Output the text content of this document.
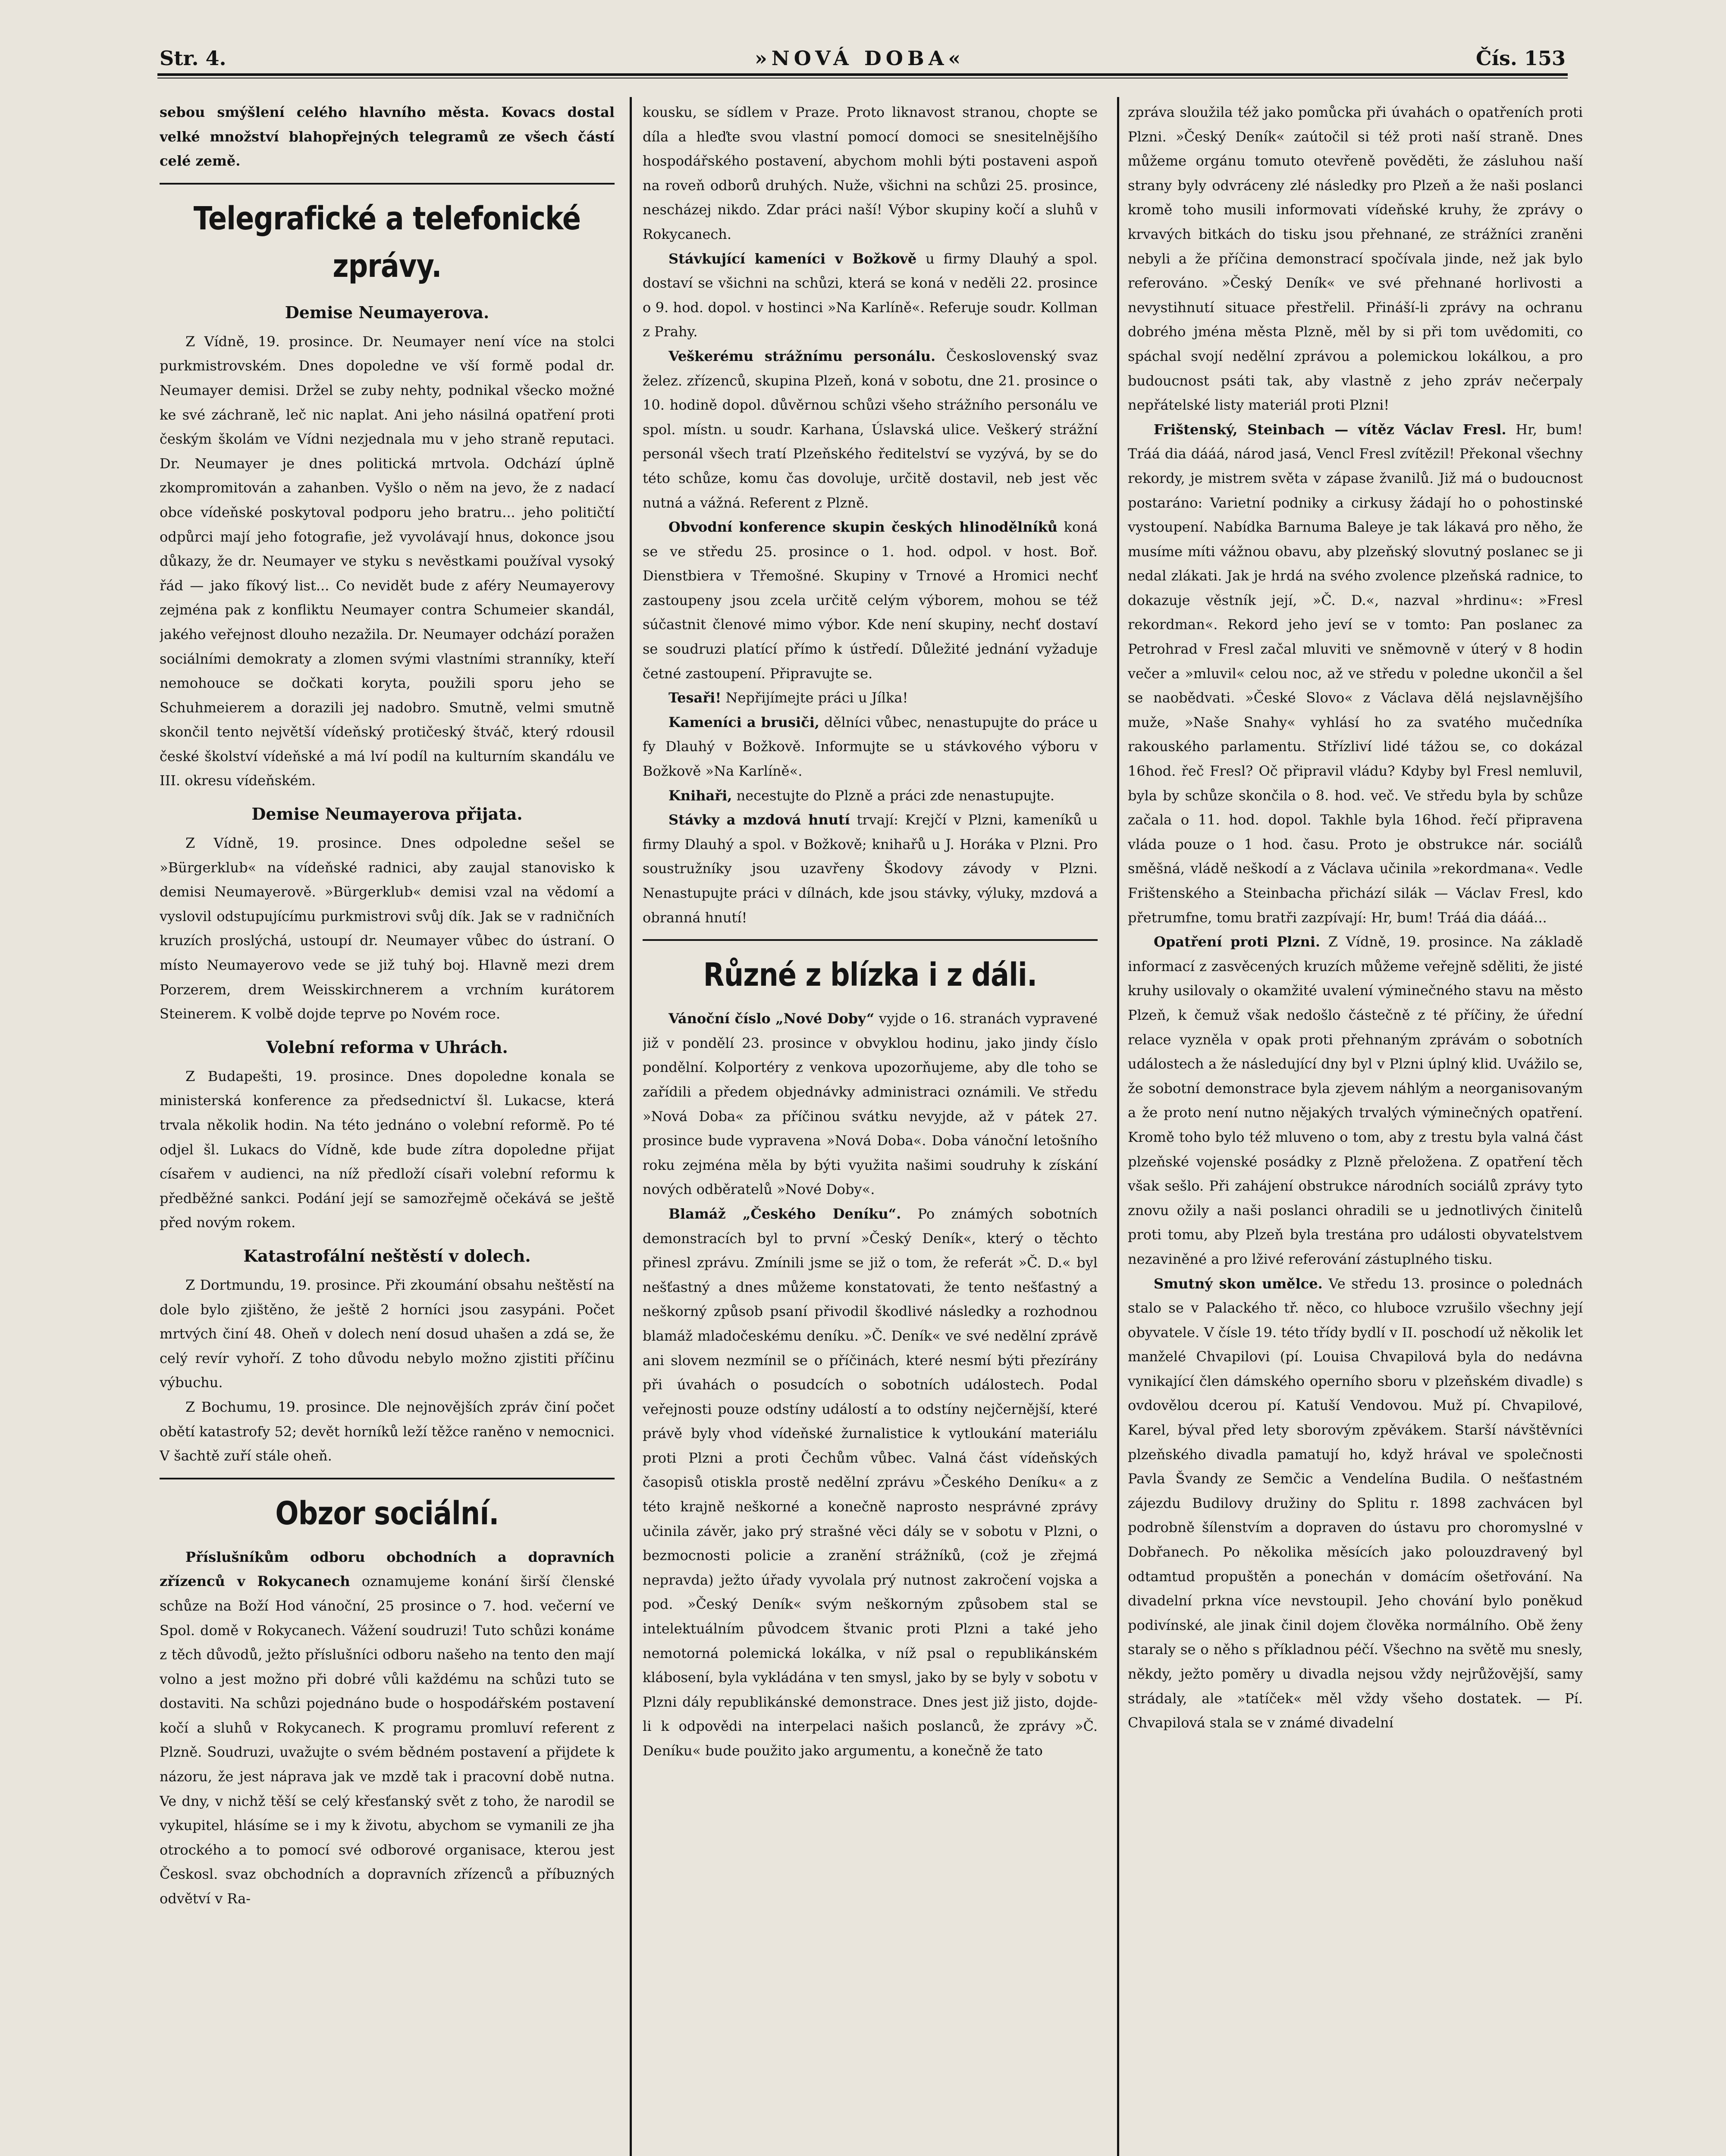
Str. 4.	»NOVÁ DOBA«	Čís. 153

sebou smýšlení celého hlavního města. Kovacs dostal velké množství blahopřejných telegramů ze všech částí celé země.

Telegrafické a telefonické zprávy.
Demise Neumayerova.

Z Vídně, 19. prosince. Dr. Neumayer není více na stolci purkmistrovském. Dnes dopoledne ve vší formě podal dr. Neumayer demisi. Držel se zuby nehty, podnikal všecko možné ke své záchraně, leč nic naplat. Ani jeho násilná opatření proti českým školám ve Vídni nezjednala mu v jeho straně reputaci. Dr. Neumayer je dnes politická mrtvola. Odchází úplně zkompromitován a zahanben. Vyšlo o něm na jevo, že z nadací obce vídeňské poskytoval podporu jeho bratru... jeho političtí odpůrci mají jeho fotografie, jež vyvolávají hnus, dokonce jsou důkazy, že dr. Neumayer ve styku s nevěstkami používal vysoký řád — jako fíkový list... Co nevidět bude z aféry Neumayerovy zejména pak z konfliktu Neumayer contra Schumeier skandál, jakého veřejnost dlouho nezažila. Dr. Neumayer odchází poražen sociálními demokraty a zlomen svými vlastními stranníky, kteří nemohouce se dočkati koryta, použili sporu jeho se Schuhmeierem a dorazili jej nadobro. Smutně, velmi smutně skončil tento největší vídeňský protičeský štváč, který rdousil české školství vídeňské a má lví podíl na kulturním skandálu ve III. okresu vídeňském.

Demise Neumayerova přijata.

Z Vídně, 19. prosince. Dnes odpoledne sešel se »Bürgerklub« na vídeňské radnici, aby zaujal stanovisko k demisi Neumayerově. »Bürgerklub« demisi vzal na vědomí a vyslovil odstupujícímu purkmistrovi svůj dík. Jak se v radničních kruzích proslýchá, ustoupí dr. Neumayer vůbec do ústraní. O místo Neumayerovo vede se již tuhý boj. Hlavně mezi drem Porzerem, drem Weisskirchnerem a vrchním kurátorem Steinerem. K volbě dojde teprve po Novém roce.

Volební reforma v Uhrách.

Z Budapešti, 19. prosince. Dnes dopoledne konala se ministerská konference za předsednictví šl. Lukacse, která trvala několik hodin. Na této jednáno o volební reformě. Po té odjel šl. Lukacs do Vídně, kde bude zítra dopoledne přijat císařem v audienci, na níž předloží císaři volební reformu k předběžné sankci. Podání její se samozřejmě očekává se ještě před novým rokem.

Katastrofální neštěstí v dolech.

Z Dortmundu, 19. prosince. Při zkoumání obsahu neštěstí na dole bylo zjištěno, že ještě 2 horníci jsou zasypáni. Počet mrtvých činí 48. Oheň v dolech není dosud uhašen a zdá se, že celý revír vyhoří. Z toho důvodu nebylo možno zjistiti příčinu výbuchu.

Z Bochumu, 19. prosince. Dle nejnovějších zpráv činí počet obětí katastrofy 52; devět horníků leží těžce raněno v nemocnici. V šachtě zuří stále oheň.

Obzor sociální.

Příslušníkům odboru obchodních a dopravních zřízenců v Rokycanech oznamujeme konání širší členské schůze na Boží Hod vánoční, 25 prosince o 7. hod. večerní ve Spol. domě v Rokycanech. Vážení soudruzi! Tuto schůzi konáme z těch důvodů, ježto příslušníci odboru našeho na tento den mají volno a jest možno při dobré vůli každému na schůzi tuto se dostaviti. Na schůzi pojednáno bude o hospodářském postavení kočí a sluhů v Rokycanech. K programu promluví referent z Plzně. Soudruzi, uvažujte o svém bědném postavení a přijdete k názoru, že jest náprava jak ve mzdě tak i pracovní době nutna. Ve dny, v nichž těší se celý křesťanský svět z toho, že narodil se vykupitel, hlásíme se i my k životu, abychom se vymanili ze jha otrockého a to pomocí své odborové organisace, kterou jest Českosl. svaz obchodních a dopravních zřízenců a příbuzných odvětví v Ra-

kousku, se sídlem v Praze. Proto liknavost stranou, chopte se díla a hleďte svou vlastní pomocí domoci se snesitelnějšího hospodářského postavení, abychom mohli býti postaveni aspoň na roveň odborů druhých. Nuže, všichni na schůzi 25. prosince, nescházej nikdo. Zdar práci naší! Výbor skupiny kočí a sluhů v Rokycanech.

Stávkující kameníci v Božkově u firmy Dlauhý a spol. dostaví se všichni na schůzi, která se koná v neděli 22. prosince o 9. hod. dopol. v hostinci »Na Karlíně«. Referuje soudr. Kollman z Prahy.

Veškerému strážnímu personálu. Československý svaz želez. zřízenců, skupina Plzeň, koná v sobotu, dne 21. prosince o 10. hodině dopol. důvěrnou schůzi všeho strážního personálu ve spol. místn. u soudr. Karhana, Úslavská ulice. Veškerý strážní personál všech tratí Plzeňského ředitelství se vyzývá, by se do této schůze, komu čas dovoluje, určitě dostavil, neb jest věc nutná a vážná. Referent z Plzně.

Obvodní konference skupin českých hlinodělníků koná se ve středu 25. prosince o 1. hod. odpol. v host. Boř. Dienstbiera v Třemošné. Skupiny v Trnové a Hromici nechť zastoupeny jsou zcela určitě celým výborem, mohou se též súčastnit členové mimo výbor. Kde není skupiny, nechť dostaví se soudruzi platící přímo k ústředí. Důležité jednání vyžaduje četné zastoupení. Připravujte se.

Tesaři! Nepřijímejte práci u Jílka!

Kameníci a brusiči, dělníci vůbec, nenastupujte do práce u fy Dlauhý v Božkově. Informujte se u stávkového výboru v Božkově »Na Karlíně«.

Knihaři, necestujte do Plzně a práci zde nenastupujte.

Stávky a mzdová hnutí trvají: Krejčí v Plzni, kameníků u firmy Dlauhý a spol. v Božkově; knihařů u J. Horáka v Plzni. Pro soustružníky jsou uzavřeny Škodovy závody v Plzni. Nenastupujte práci v dílnách, kde jsou stávky, výluky, mzdová a obranná hnutí!

Různé z blízka i z dáli.

Vánoční číslo „Nové Doby“ vyjde o 16. stranách vypravené již v pondělí 23. prosince v obvyklou hodinu, jako jindy číslo pondělní. Kolportéry z venkova upozorňujeme, aby dle toho se zařídili a předem objednávky administraci oznámili. Ve středu »Nová Doba« za příčinou svátku nevyjde, až v pátek 27. prosince bude vypravena »Nová Doba«. Doba vánoční letošního roku zejména měla by býti využita našimi soudruhy k získání nových odběratelů »Nové Doby«.

Blamáž „Českého Deníku“. Po známých sobotních demonstracích byl to první »Český Deník«, který o těchto přinesl zprávu. Zmínili jsme se již o tom, že referát »Č. D.« byl nešťastný a dnes můžeme konstatovati, že tento nešťastný a neškorný způsob psaní přivodil škodlivé následky a rozhodnou blamáž mladočeskému deníku. »Č. Deník« ve své nedělní zprávě ani slovem nezmínil se o příčinách, které nesmí býti přezírány při úvahách o posudcích o sobotních událostech. Podal veřejnosti pouze odstíny událostí a to odstíny nejčernější, které právě byly vhod vídeňské žurnalistice k vytloukání materiálu proti Plzni a proti Čechům vůbec. Valná část vídeňských časopisů otiskla prostě nedělní zprávu »Českého Deníku« a z této krajně neškorné a konečně naprosto nesprávné zprávy učinila závěr, jako prý strašné věci dály se v sobotu v Plzni, o bezmocnosti policie a zranění strážníků, (což je zřejmá nepravda) ježto úřady vyvolala prý nutnost zakročení vojska a pod. »Český Deník« svým neškorným způsobem stal se intelektuálním původcem štvanic proti Plzni a také jeho nemotorná polemická lokálka, v níž psal o republikánském klábosení, byla vykládána v ten smysl, jako by se byly v sobotu v Plzni dály republikánské demonstrace. Dnes jest již jisto, dojde-li k odpovědi na interpelaci našich poslanců, že zprávy »Č. Deníku« bude použito jako argumentu, a konečně že tato

zpráva sloužila též jako pomůcka při úvahách o opatřeních proti Plzni. »Český Deník« zaútočil si též proti naší straně. Dnes můžeme orgánu tomuto otevřeně pověděti, že zásluhou naší strany byly odvráceny zlé následky pro Plzeň a že naši poslanci kromě toho musili informovati vídeňské kruhy, že zprávy o krvavých bitkách do tisku jsou přehnané, ze strážníci zraněni nebyli a že příčina demonstrací spočívala jinde, než jak bylo referováno. »Český Deník« ve své přehnané horlivosti a nevystihnutí situace přestřelil. Přináší-li zprávy na ochranu dobrého jména města Plzně, měl by si při tom uvědomiti, co spáchal svojí nedělní zprávou a polemickou lokálkou, a pro budoucnost psáti tak, aby vlastně z jeho zpráv nečerpaly nepřátelské listy materiál proti Plzni!

Frištenský, Steinbach — vítěz Václav Fresl. Hr, bum! Tráá dia dááá, národ jasá, Vencl Fresl zvítězil! Překonal všechny rekordy, je mistrem světa v zápase žvanilů. Již má o budoucnost postaráno: Varietní podniky a cirkusy žádají ho o pohostinské vystoupení. Nabídka Barnuma Baleye je tak lákavá pro něho, že musíme míti vážnou obavu, aby plzeňský slovutný poslanec se ji nedal zlákati. Jak je hrdá na svého zvolence plzeňská radnice, to dokazuje věstník její, »Č. D.«, nazval »hrdinu«: »Fresl rekordman«. Rekord jeho jeví se v tomto: Pan poslanec za Petrohrad v Fresl začal mluviti ve sněmovně v úterý v 8 hodin večer a »mluvil« celou noc, až ve středu v poledne ukončil a šel se naobědvati. »České Slovo« z Václava dělá nejslavnějšího muže, »Naše Snahy« vyhlásí ho za svatého mučedníka rakouského parlamentu. Střízliví lidé tážou se, co dokázal 16hod. řeč Fresl? Oč připravil vládu? Kdyby byl Fresl nemluvil, byla by schůze skončila o 8. hod. več. Ve středu byla by schůze začala o 11. hod. dopol. Takhle byla 16hod. řečí připravena vláda pouze o 1 hod. času. Proto je obstrukce nár. sociálů směšná, vládě neškodí a z Václava učinila »rekordmana«. Vedle Frištenského a Steinbacha přichází silák — Václav Fresl, kdo přetrumfne, tomu bratři zazpívají: Hr, bum! Tráá dia dááá...

Opatření proti Plzni. Z Vídně, 19. prosince. Na základě informací z zasvěcených kruzích můžeme veřejně sděliti, že jisté kruhy usilovaly o okamžité uvalení výminečného stavu na město Plzeň, k čemuž však nedošlo částečně z té příčiny, že úřední relace vyzněla v opak proti přehnaným zprávám o sobotních událostech a že následující dny byl v Plzni úplný klid. Uvážilo se, že sobotní demonstrace byla zjevem náhlým a neorganisovaným a že proto není nutno nějakých trvalých výminečných opatření. Kromě toho bylo též mluveno o tom, aby z trestu byla valná část plzeňské vojenské posádky z Plzně přeložena. Z opatření těch však sešlo. Při zahájení obstrukce národních sociálů zprávy tyto znovu ožily a naši poslanci ohradili se u jednotlivých činitelů proti tomu, aby Plzeň byla trestána pro události obyvatelstvem nezaviněné a pro lživé referování zástuplného tisku.

Smutný skon umělce. Ve středu 13. prosince o polednách stalo se v Palackého tř. něco, co hluboce vzrušilo všechny její obyvatele. V čísle 19. této třídy bydlí v II. poschodí už několik let manželé Chvapilovi (pí. Louisa Chvapilová byla do nedávna vynikající člen dámského operního sboru v plzeňském divadle) s ovdovělou dcerou pí. Katuší Vendovou. Muž pí. Chvapilové, Karel, býval před lety sborovým zpěvákem. Starší návštěvníci plzeňského divadla pamatují ho, když hrával ve společnosti Pavla Švandy ze Semčic a Vendelína Budila. O nešťastném zájezdu Budilovy družiny do Splitu r. 1898 zachvácen byl podrobně šílenstvím a dopraven do ústavu pro choromyslné v Dobřanech. Po několika měsících jako polouzdravený byl odtamtud propuštěn a ponechán v domácím ošetřování. Na divadelní prkna více nevstoupil. Jeho chování bylo poněkud podivínské, ale jinak činil dojem člověka normálního. Obě ženy staraly se o něho s příkladnou péčí. Všechno na světě mu snesly, někdy, ježto poměry u divadla nejsou vždy nejrůžovější, samy strádaly, ale »tatíček« měl vždy všeho dostatek. — Pí. Chvapilová stala se v známé divadelní
